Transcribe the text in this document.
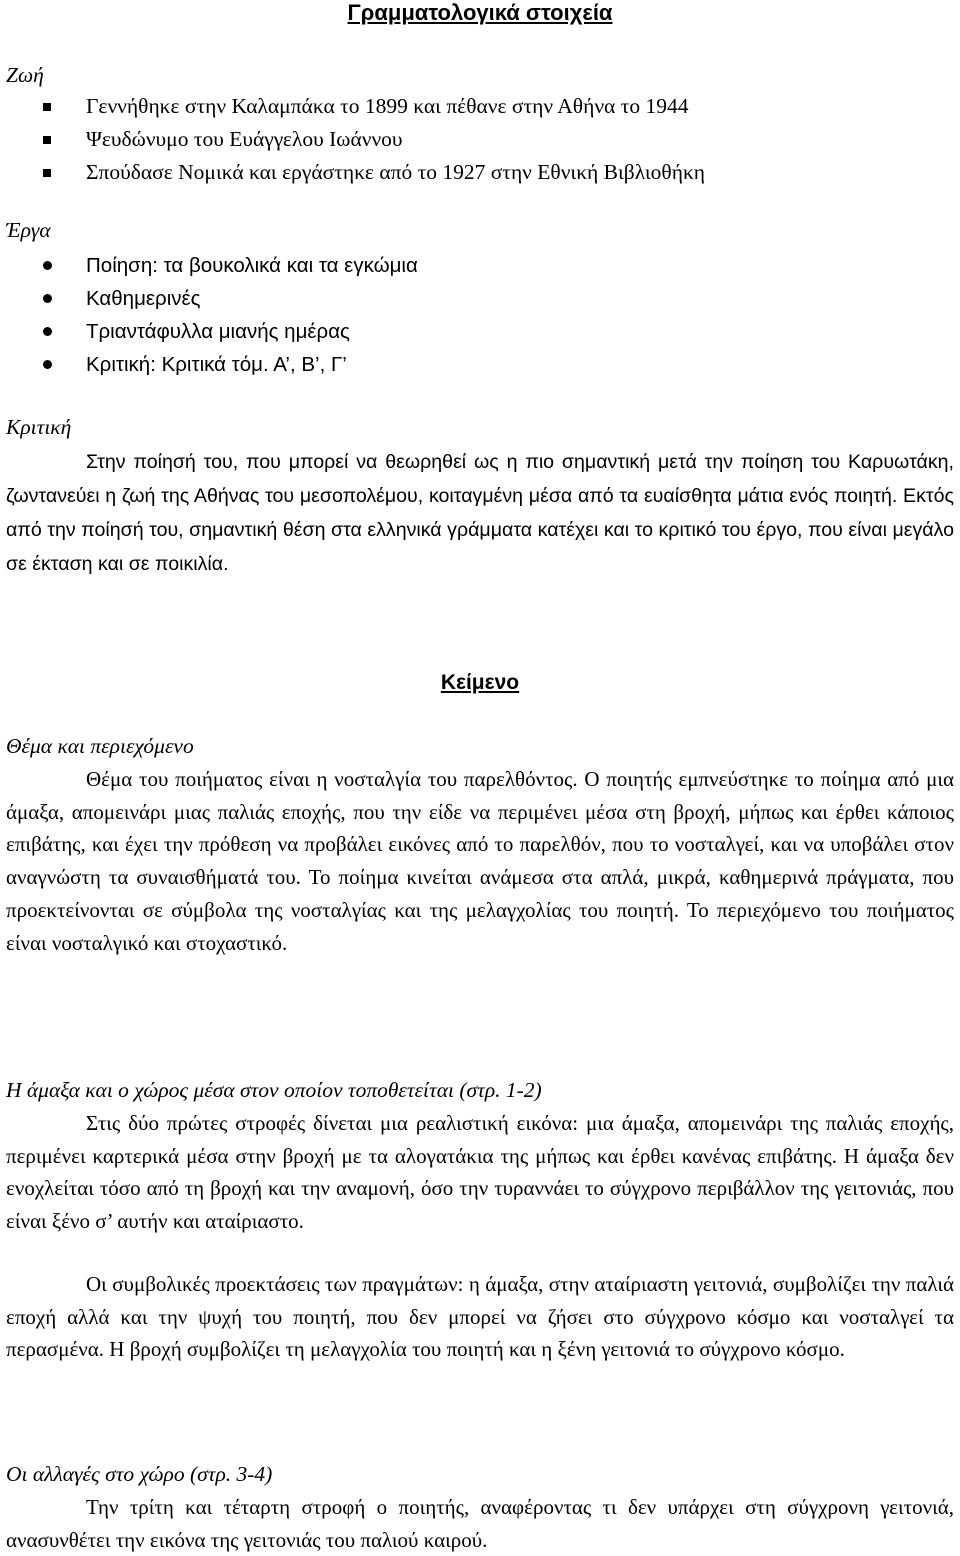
Γραμματολογικά στοιχεία
Ζωή
Γεννήθηκε στην Καλαμπάκα το 1899 και πέθανε στην Αθήνα το 1944
Ψευδώνυμο του Ευάγγελου Ιωάννου
Σπούδασε Νομικά και εργάστηκε από το 1927 στην Εθνική Βιβλιοθήκη
Έργα
Ποίηση: τα βουκολικά και τα εγκώμια
Καθημερινές
Τριαντάφυλλα μιανής ημέρας
Κριτική: Κριτικά τόμ. Α’, Β’, Γ’
Κριτική

Στην ποίησή του, που μπορεί να θεωρηθεί ως η πιο σημαντική μετά την ποίηση του Καρυωτάκη, ζωντανεύει η ζωή της Αθήνας του μεσοπολέμου, κοιταγμένη μέσα από τα ευαίσθητα μάτια ενός ποιητή. Εκτός από την ποίησή του, σημαντική θέση στα ελληνικά γράμματα κατέχει και το κριτικό του έργο, που είναι μεγάλο σε έκταση και σε ποικιλία.

Κείμενο
Θέμα και περιεχόμενο

Θέμα του ποιήματος είναι η νοσταλγία του παρελθόντος. Ο ποιητής εμπνεύστηκε το ποίημα από μια άμαξα, απομεινάρι μιας παλιάς εποχής, που την είδε να περιμένει μέσα στη βροχή, μήπως και έρθει κάποιος επιβάτης, και έχει την πρόθεση να προβάλει εικόνες από το παρελθόν, που το νοσταλγεί, και να υποβάλει στον αναγνώστη τα συναισθήματά του. Το ποίημα κινείται ανάμεσα στα απλά, μικρά, καθημερινά πράγματα, που προεκτείνονται σε σύμβολα της νοσταλγίας και της μελαγχολίας του ποιητή. Το περιεχόμενο του ποιήματος είναι νοσταλγικό και στοχαστικό.

Η άμαξα και ο χώρος μέσα στον οποίον τοποθετείται (στρ. 1-2)

Στις δύο πρώτες στροφές δίνεται μια ρεαλιστική εικόνα: μια άμαξα, απομεινάρι της παλιάς εποχής, περιμένει καρτερικά μέσα στην βροχή με τα αλογατάκια της μήπως και έρθει κανένας επιβάτης. Η άμαξα δεν ενοχλείται τόσο από τη βροχή και την αναμονή, όσο την τυραννάει το σύγχρονο περιβάλλον της γειτονιάς, που είναι ξένο σ’ αυτήν και αταίριαστο.

Οι συμβολικές προεκτάσεις των πραγμάτων: η άμαξα, στην αταίριαστη γειτονιά, συμβολίζει την παλιά εποχή αλλά και την ψυχή του ποιητή, που δεν μπορεί να ζήσει στο σύγχρονο κόσμο και νοσταλγεί τα περασμένα. Η βροχή συμβολίζει τη μελαγχολία του ποιητή και η ξένη γειτονιά το σύγχρονο κόσμο.

Οι αλλαγές στο χώρο (στρ. 3-4)

Την τρίτη και τέταρτη στροφή ο ποιητής, αναφέροντας τι δεν υπάρχει στη σύγχρονη γειτονιά, ανασυνθέτει την εικόνα της γειτονιάς του παλιού καιρού.
